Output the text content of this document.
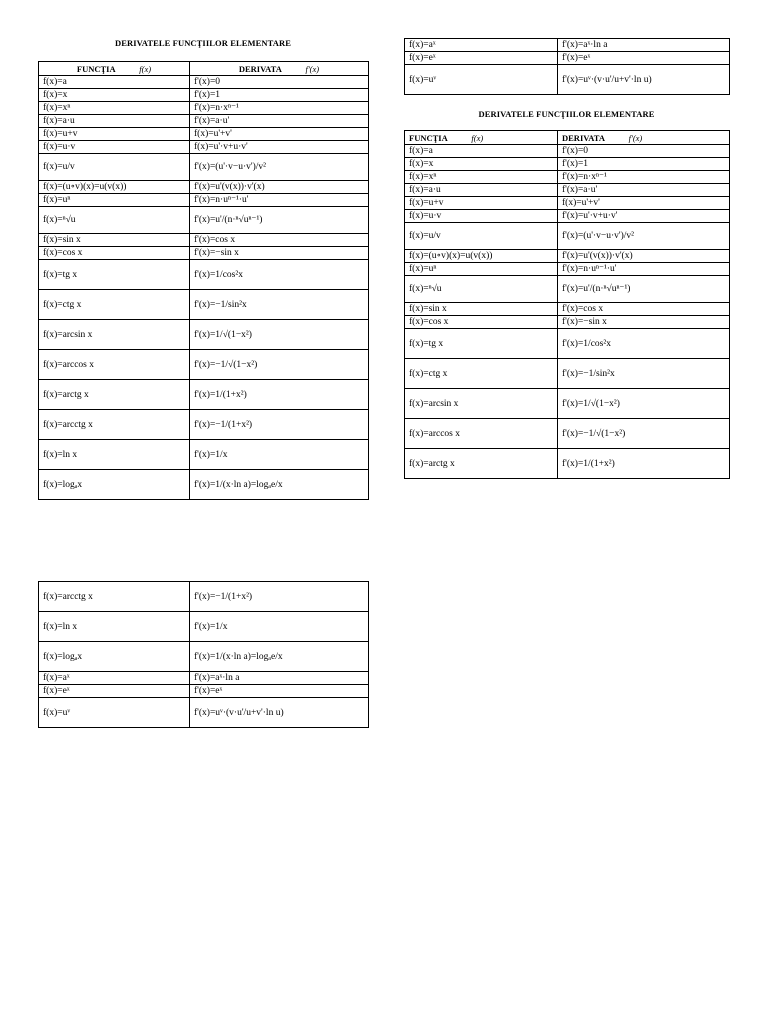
DERIVATELE FUNCŢIILOR ELEMENTARE
FUNCŢIA f(x)	DERIVATA f'(x)
f(x)=a	f'(x)=0
f(x)=x	f'(x)=1
f(x)=xⁿ	f'(x)=n·xⁿ⁻¹
f(x)=a·u	f'(x)=a·u'
f(x)=u+v	f(x)=u'+v'
f(x)=u·v	f(x)=u'·v+u·v'
f(x)=u/v	f'(x)=(u'·v−u·v')/v²
f(x)=(u∘v)(x)=u(v(x))	f'(x)=u'(v(x))·v'(x)
f(x)=uⁿ	f'(x)=n·uⁿ⁻¹·u'
f(x)=ⁿ√u	f'(x)=u'/(n·ⁿ√uⁿ⁻¹)
f(x)=sin x	f'(x)=cos x
f(x)=cos x	f'(x)=−sin x
f(x)=tg x	f'(x)=1/cos²x
f(x)=ctg x	f'(x)=−1/sin²x
f(x)=arcsin x	f'(x)=1/√(1−x²)
f(x)=arccos x	f'(x)=−1/√(1−x²)
f(x)=arctg x	f'(x)=1/(1+x²)
f(x)=arcctg x	f'(x)=−1/(1+x²)
f(x)=ln x	f'(x)=1/x
f(x)=logₐx	f'(x)=1/(x·ln a)=logₐe/x
f(x)=arcctg x	f'(x)=−1/(1+x²)
f(x)=ln x	f'(x)=1/x
f(x)=logₐx	f'(x)=1/(x·ln a)=logₐe/x
f(x)=aˣ	f'(x)=aˣ·ln a
f(x)=eˣ	f'(x)=eˣ
f(x)=uᵛ	f'(x)=uᵛ·(v·u'/u+v'·ln u)
f(x)=aˣ	f'(x)=aˣ·ln a
f(x)=eˣ	f'(x)=eˣ
f(x)=uᵛ	f'(x)=uᵛ·(v·u'/u+v'·ln u)
DERIVATELE FUNCŢIILOR ELEMENTARE
FUNCŢIA f(x)	DERIVATA f'(x)
f(x)=a	f'(x)=0
f(x)=x	f'(x)=1
f(x)=xⁿ	f'(x)=n·xⁿ⁻¹
f(x)=a·u	f'(x)=a·u'
f(x)=u+v	f(x)=u'+v'
f(x)=u·v	f'(x)=u'·v+u·v'
f(x)=u/v	f'(x)=(u'·v−u·v')/v²
f(x)=(u∘v)(x)=u(v(x))	f'(x)=u'(v(x))·v'(x)
f(x)=uⁿ	f'(x)=n·uⁿ⁻¹·u'
f(x)=ⁿ√u	f'(x)=u'/(n·ⁿ√uⁿ⁻¹)
f(x)=sin x	f'(x)=cos x
f(x)=cos x	f'(x)=−sin x
f(x)=tg x	f'(x)=1/cos²x
f(x)=ctg x	f'(x)=−1/sin²x
f(x)=arcsin x	f'(x)=1/√(1−x²)
f(x)=arccos x	f'(x)=−1/√(1−x²)
f(x)=arctg x	f'(x)=1/(1+x²)
